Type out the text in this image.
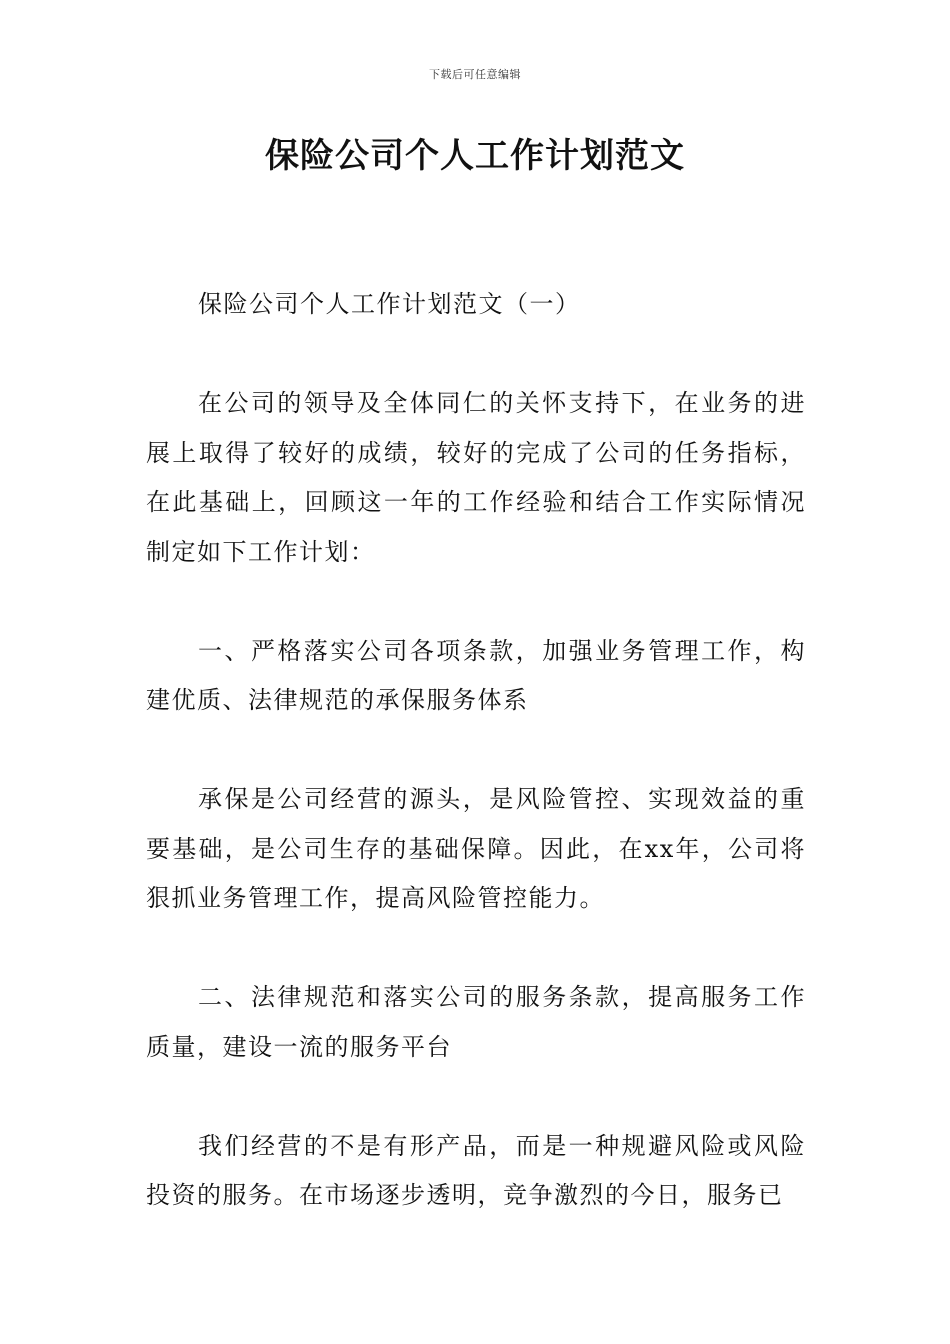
下载后可任意编辑
保险公司个人工作计划范文

保险公司个人工作计划范文（一）

在公司的领导及全体同仁的关怀支持下，在业务的进展上取得了较好的成绩，较好的完成了公司的任务指标，在此基础上，回顾这一年的工作经验和结合工作实际情况制定如下工作计划：

一、严格落实公司各项条款，加强业务管理工作，构建优质、法律规范的承保服务体系

承保是公司经营的源头，是风险管控、实现效益的重要基础，是公司生存的基础保障。因此，在xx年，公司将狠抓业务管理工作，提高风险管控能力。

二、法律规范和落实公司的服务条款，提高服务工作质量，建设一流的服务平台

我们经营的不是有形产品，而是一种规避风险或风险投资的服务。在市场逐步透明，竞争激烈的今日，服务已
